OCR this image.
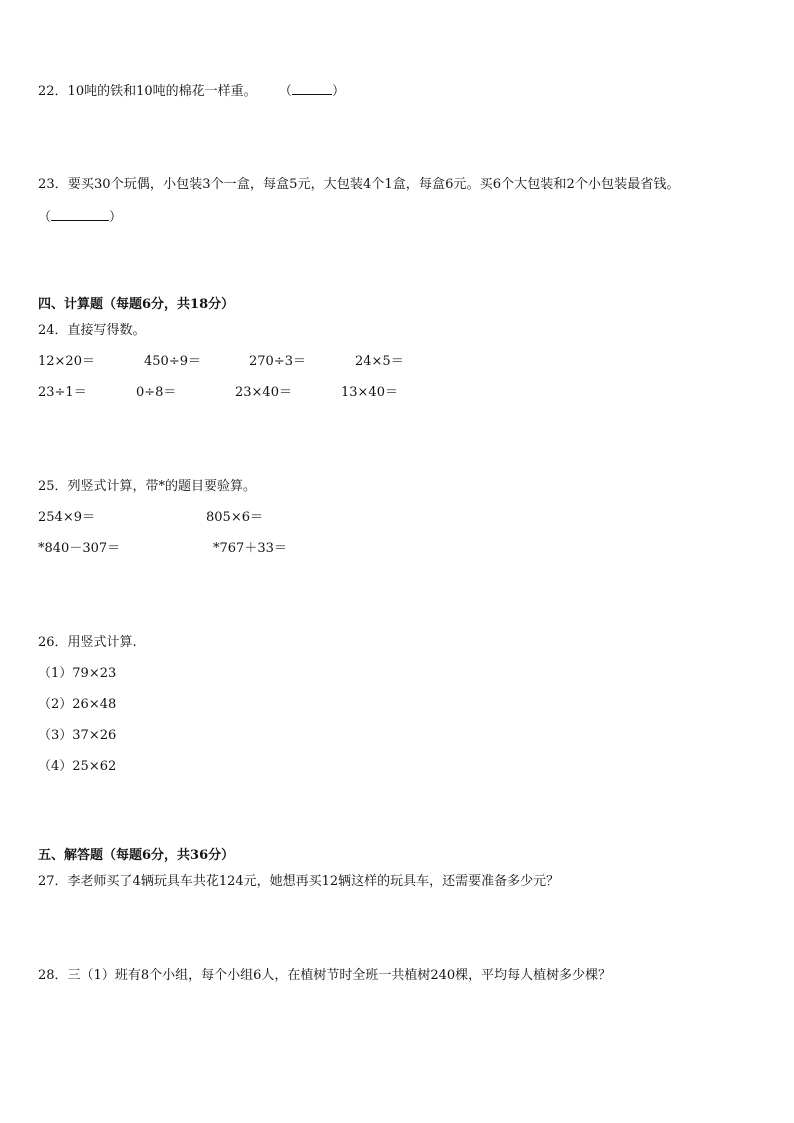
22．10吨的铁和10吨的棉花一样重。 （	）
23．要买30个玩偶，小包装3个一盒，每盒5元，大包装4个1盒，每盒6元。买6个大包装和2个小包装最省钱。
（	）
四、计算题（每题6分，共18分）
24．直接写得数。
12×20＝	450÷9＝	270÷3＝	24×5＝
23÷1＝	0÷8＝	23×40＝	13×40＝
25．列竖式计算，带*的题目要验算。
254×9＝	805×6＝
*840－307＝	*767＋33＝
26．用竖式计算.
（1）79×23
（2）26×48
（3）37×26
（4）25×62
五、解答题（每题6分，共36分）
27．李老师买了4辆玩具车共花124元，她想再买12辆这样的玩具车，还需要准备多少元？
28．三（1）班有8个小组，每个小组6人，在植树节时全班一共植树240棵，平均每人植树多少棵？
